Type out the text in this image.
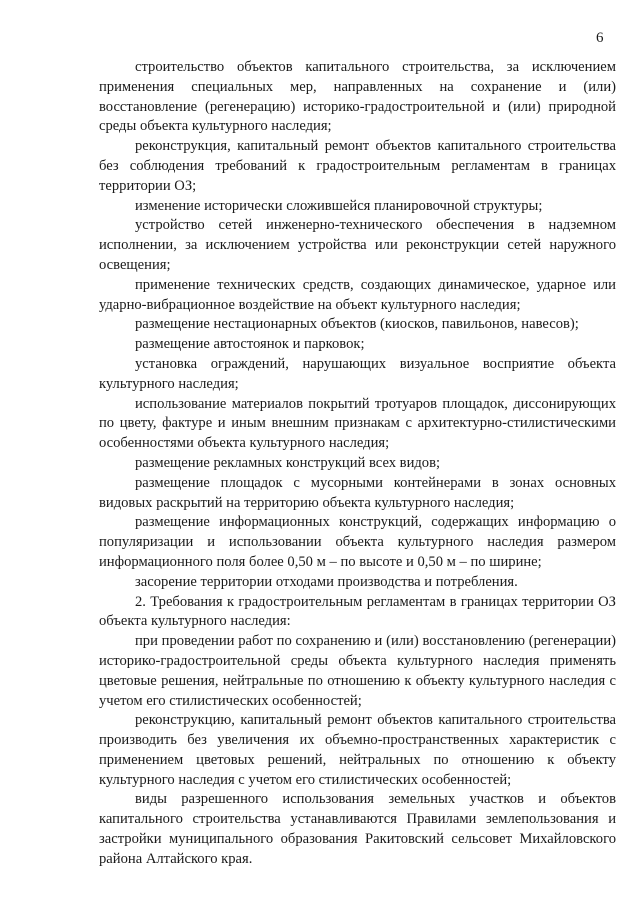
6

строительство объектов капитального строительства, за исключением применения специальных мер, направленных на сохранение и (или) восстановление (регенерацию) историко-градостроительной и (или) природной среды объекта культурного наследия;

реконструкция, капитальный ремонт объектов капитального строительства без соблюдения требований к градостроительным регламентам в границах территории ОЗ;

изменение исторически сложившейся планировочной структуры;

устройство сетей инженерно-технического обеспечения в надземном исполнении, за исключением устройства или реконструкции сетей наружного освещения;

применение технических средств, создающих динамическое, ударное или ударно-вибрационное воздействие на объект культурного наследия;

размещение нестационарных объектов (киосков, павильонов, навесов);

размещение автостоянок и парковок;

установка ограждений, нарушающих визуальное восприятие объекта культурного наследия;

использование материалов покрытий тротуаров площадок, диссонирующих по цвету, фактуре и иным внешним признакам с архитектурно-стилистическими особенностями объекта культурного наследия;

размещение рекламных конструкций всех видов;

размещение площадок с мусорными контейнерами в зонах основных видовых раскрытий на территорию объекта культурного наследия;

размещение информационных конструкций, содержащих информацию о популяризации и использовании объекта культурного наследия размером информационного поля более 0,50 м – по высоте и 0,50 м – по ширине;

засорение территории отходами производства и потребления.

2. Требования к градостроительным регламентам в границах территории ОЗ объекта культурного наследия:

при проведении работ по сохранению и (или) восстановлению (регенерации) историко-градостроительной среды объекта культурного наследия применять цветовые решения, нейтральные по отношению к объекту культурного наследия с учетом его стилистических особенностей;

реконструкцию, капитальный ремонт объектов капитального строительства производить без увеличения их объемно-пространственных характеристик с применением цветовых решений, нейтральных по отношению к объекту культурного наследия с учетом его стилистических особенностей;

виды разрешенного использования земельных участков и объектов капитального строительства устанавливаются Правилами землепользования и застройки муниципального образования Ракитовский сельсовет Михайловского района Алтайского края.
